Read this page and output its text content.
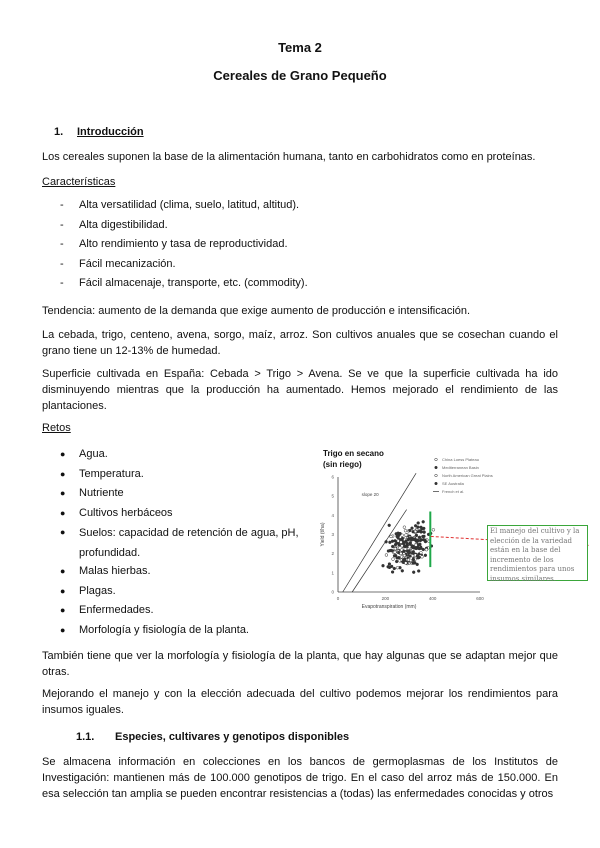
Tema 2
Cereales de Grano Pequeño
1. Introducción
Los cereales suponen la base de la alimentación humana, tanto en carbohidratos como en proteínas.
Características
- Alta versatilidad (clima, suelo, latitud, altitud).
- Alta digestibilidad.
- Alto rendimiento y tasa de reproductividad.
- Fácil mecanización.
- Fácil almacenaje, transporte, etc. (commodity).
Tendencia: aumento de la demanda que exige aumento de producción e intensificación.
La cebada, trigo, centeno, avena, sorgo, maíz, arroz. Son cultivos anuales que se cosechan cuando el grano tiene un 12-13% de humedad.
Superficie cultivada en España: Cebada > Trigo > Avena. Se ve que la superficie cultivada ha ido disminuyendo mientras que la producción ha aumentado. Hemos mejorado el rendimiento de las plantaciones.
Retos
● Agua.
● Temperatura.
● Nutriente
● Cultivos herbáceos
● Suelos: capacidad de retención de agua, pH, profundidad.
● Malas hierbas.
● Plagas.
● Enfermedades.
● Morfología y fisiología de la planta.
Trigo en secano
(sin riego)
China Loess Plateau
Mediterranean Basin
North American Great Plains
SE Australia
French et al.
0	200	400	600
0
1
2
3
4
5
6
Evapotranspiration (mm)
Yield (t/ha)
slope 20
El manejo del cultivo y la elección de la variedad están en la base del incremento de los rendimientos para unos insumos similares.
También tiene que ver la morfología y fisiología de la planta, que hay algunas que se adaptan mejor que otras.
Mejorando el manejo y con la elección adecuada del cultivo podemos mejorar los rendimientos para insumos iguales.
1.1. Especies, cultivares y genotipos disponibles
Se almacena información en colecciones en los bancos de germoplasmas de los Institutos de Investigación: mantienen más de 100.000 genotipos de trigo. En el caso del arroz más de 150.000. En esa selección tan amplia se pueden encontrar resistencias a (todas) las enfermedades conocidas y otros
